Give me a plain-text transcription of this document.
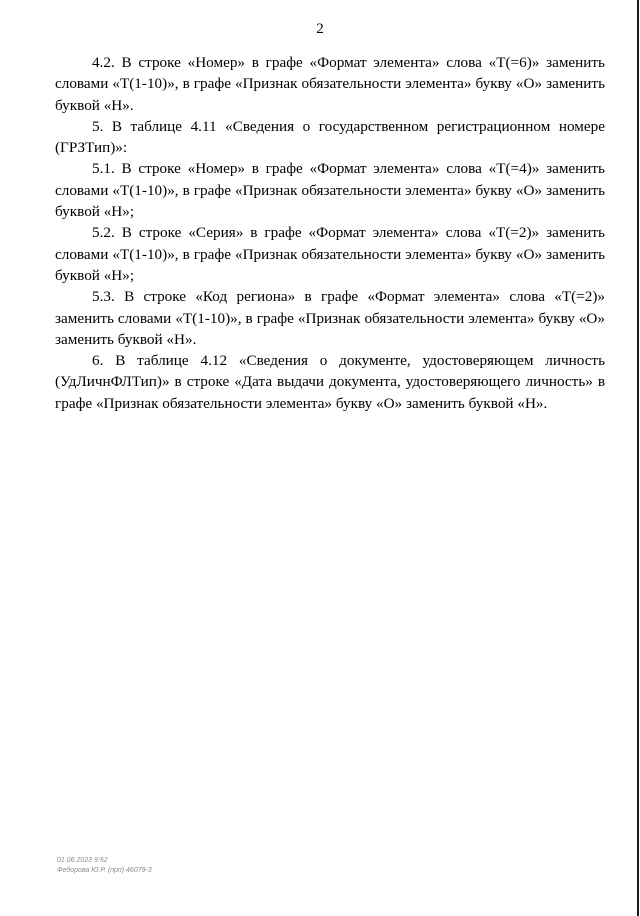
2

4.2. В строке «Номер» в графе «Формат элемента» слова «T(=6)» заменить словами «T(1-10)», в графе «Признак обязательности элемента» букву «О» заменить буквой «Н».

5. В таблице 4.11 «Сведения о государственном регистрационном номере (ГРЗТип)»:

5.1. В строке «Номер» в графе «Формат элемента» слова «T(=4)» заменить словами «T(1-10)», в графе «Признак обязательности элемента» букву «О» заменить буквой «Н»;

5.2. В строке «Серия» в графе «Формат элемента» слова «T(=2)» заменить словами «T(1-10)», в графе «Признак обязательности элемента» букву «О» заменить буквой «Н»;

5.3. В строке «Код региона» в графе «Формат элемента» слова «T(=2)» заменить словами «T(1-10)», в графе «Признак обязательности элемента» букву «О» заменить буквой «Н».

6. В таблице 4.12 «Сведения о документе, удостоверяющем личность (УдЛичнФЛТип)» в строке «Дата выдачи документа, удостоверяющего личность» в графе «Признак обязательности элемента» букву «О» заменить буквой «Н».

01.06.2023 9:52
Федорова Ю.Р. (прп) 46079-3
